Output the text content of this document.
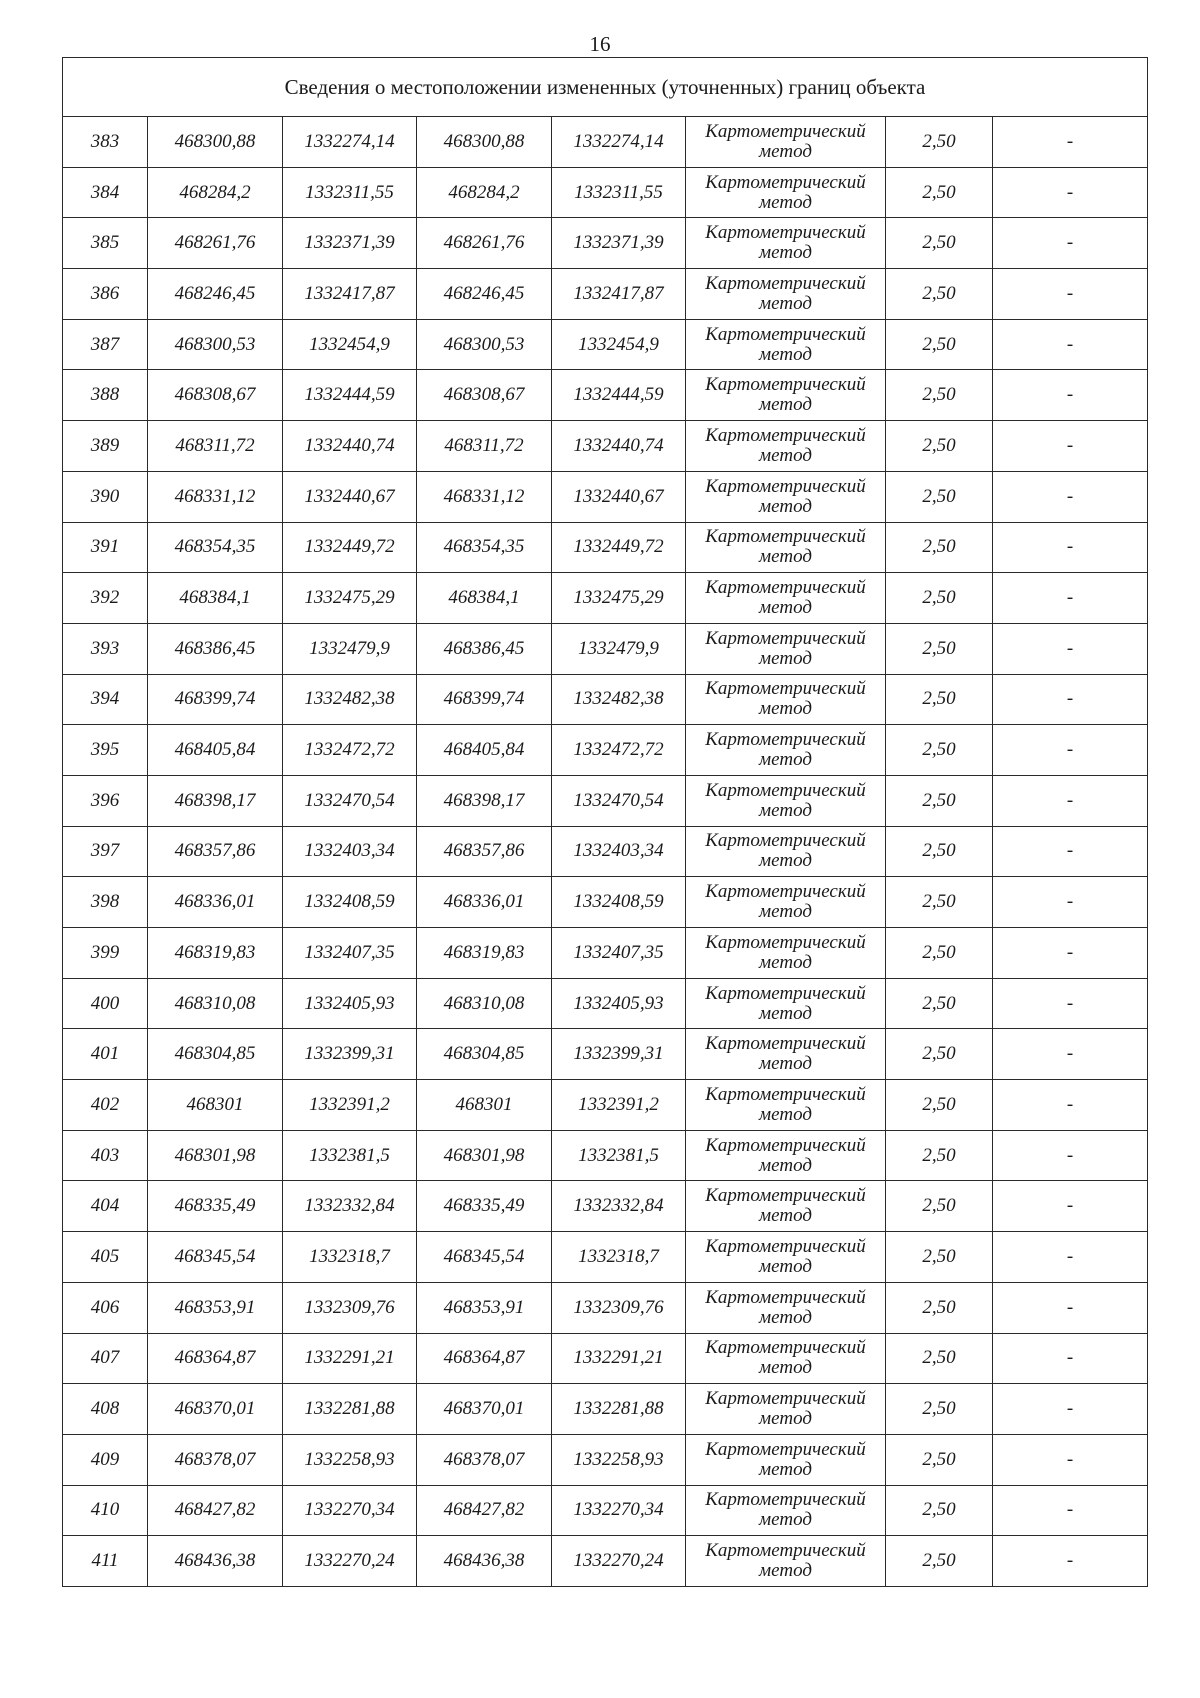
16
Сведения о местоположении измененных (уточненных) границ объекта							
383	468300,88	1332274,14	468300,88	1332274,14	Картометрический
метод	2,50	-
384	468284,2	1332311,55	468284,2	1332311,55	Картометрический
метод	2,50	-
385	468261,76	1332371,39	468261,76	1332371,39	Картометрический
метод	2,50	-
386	468246,45	1332417,87	468246,45	1332417,87	Картометрический
метод	2,50	-
387	468300,53	1332454,9	468300,53	1332454,9	Картометрический
метод	2,50	-
388	468308,67	1332444,59	468308,67	1332444,59	Картометрический
метод	2,50	-
389	468311,72	1332440,74	468311,72	1332440,74	Картометрический
метод	2,50	-
390	468331,12	1332440,67	468331,12	1332440,67	Картометрический
метод	2,50	-
391	468354,35	1332449,72	468354,35	1332449,72	Картометрический
метод	2,50	-
392	468384,1	1332475,29	468384,1	1332475,29	Картометрический
метод	2,50	-
393	468386,45	1332479,9	468386,45	1332479,9	Картометрический
метод	2,50	-
394	468399,74	1332482,38	468399,74	1332482,38	Картометрический
метод	2,50	-
395	468405,84	1332472,72	468405,84	1332472,72	Картометрический
метод	2,50	-
396	468398,17	1332470,54	468398,17	1332470,54	Картометрический
метод	2,50	-
397	468357,86	1332403,34	468357,86	1332403,34	Картометрический
метод	2,50	-
398	468336,01	1332408,59	468336,01	1332408,59	Картометрический
метод	2,50	-
399	468319,83	1332407,35	468319,83	1332407,35	Картометрический
метод	2,50	-
400	468310,08	1332405,93	468310,08	1332405,93	Картометрический
метод	2,50	-
401	468304,85	1332399,31	468304,85	1332399,31	Картометрический
метод	2,50	-
402	468301	1332391,2	468301	1332391,2	Картометрический
метод	2,50	-
403	468301,98	1332381,5	468301,98	1332381,5	Картометрический
метод	2,50	-
404	468335,49	1332332,84	468335,49	1332332,84	Картометрический
метод	2,50	-
405	468345,54	1332318,7	468345,54	1332318,7	Картометрический
метод	2,50	-
406	468353,91	1332309,76	468353,91	1332309,76	Картометрический
метод	2,50	-
407	468364,87	1332291,21	468364,87	1332291,21	Картометрический
метод	2,50	-
408	468370,01	1332281,88	468370,01	1332281,88	Картометрический
метод	2,50	-
409	468378,07	1332258,93	468378,07	1332258,93	Картометрический
метод	2,50	-
410	468427,82	1332270,34	468427,82	1332270,34	Картометрический
метод	2,50	-
411	468436,38	1332270,24	468436,38	1332270,24	Картометрический
метод	2,50	-
